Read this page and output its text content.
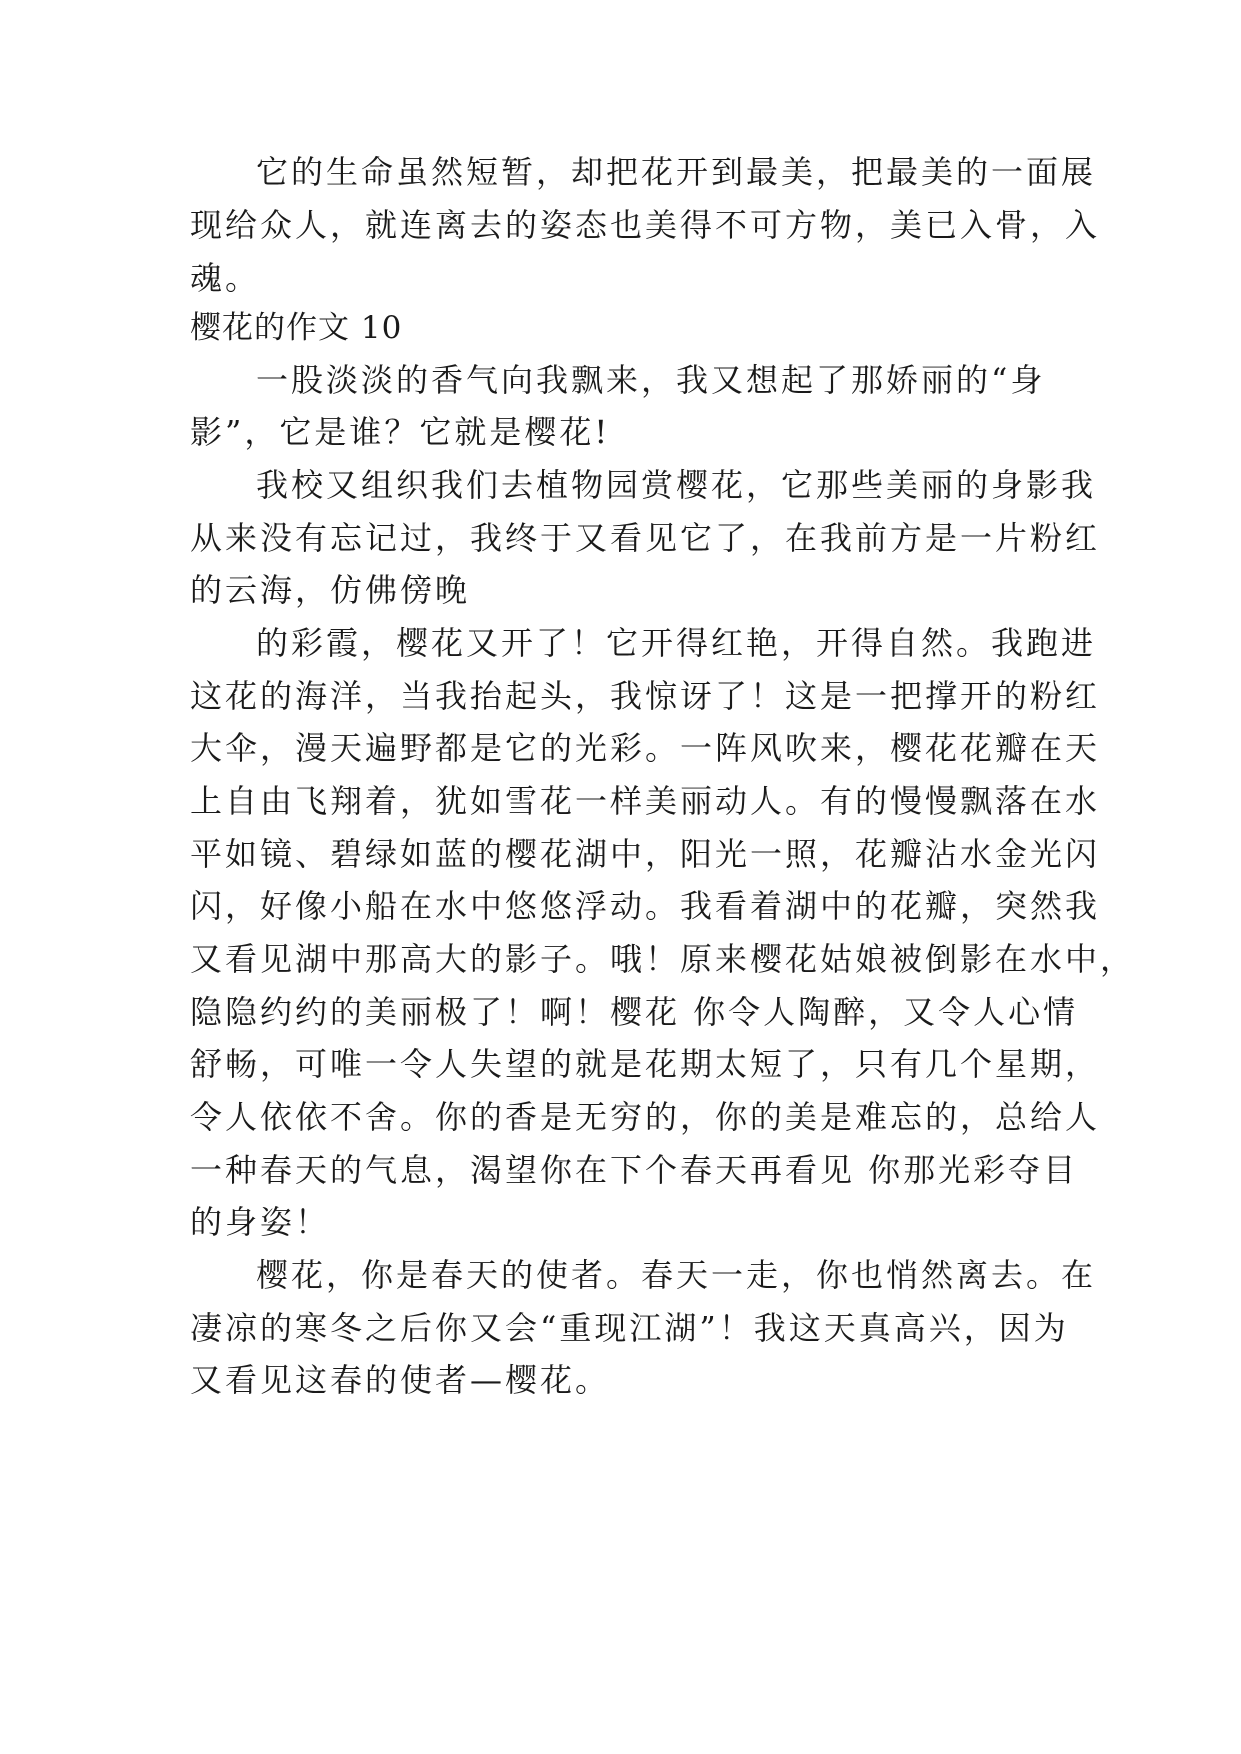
它的生命虽然短暂，却把花开到最美，把最美的一面展
现给众人，就连离去的姿态也美得不可方物，美已入骨，入
魂。
樱花的作文 10
一股淡淡的香气向我飘来，我又想起了那娇丽的“身
影”，它是谁？它就是樱花!
我校又组织我们去植物园赏樱花，它那些美丽的身影我
从来没有忘记过，我终于又看见它了，在我前方是一片粉红
的云海，仿佛傍晚
的彩霞，樱花又开了！它开得红艳，开得自然。我跑进
这花的海洋，当我抬起头，我惊讶了！这是一把撑开的粉红
大伞，漫天遍野都是它的光彩。一阵风吹来，樱花花瓣在天
上自由飞翔着，犹如雪花一样美丽动人。有的慢慢飘落在水
平如镜、碧绿如蓝的樱花湖中，阳光一照，花瓣沾水金光闪
闪，好像小船在水中悠悠浮动。我看着湖中的花瓣，突然我
又看见湖中那高大的影子。哦！原来樱花姑娘被倒影在水中，
隐隐约约的美丽极了！啊！樱花 你令人陶醉，又令人心情
舒畅，可唯一令人失望的就是花期太短了，只有几个星期，
令人依依不舍。你的香是无穷的，你的美是难忘的，总给人
一种春天的气息，渴望你在下个春天再看见 你那光彩夺目
的身姿！
樱花，你是春天的使者。春天一走，你也悄然离去。在
凄凉的寒冬之后你又会“重现江湖”！我这天真高兴，因为
又看见这春的使者—樱花。
